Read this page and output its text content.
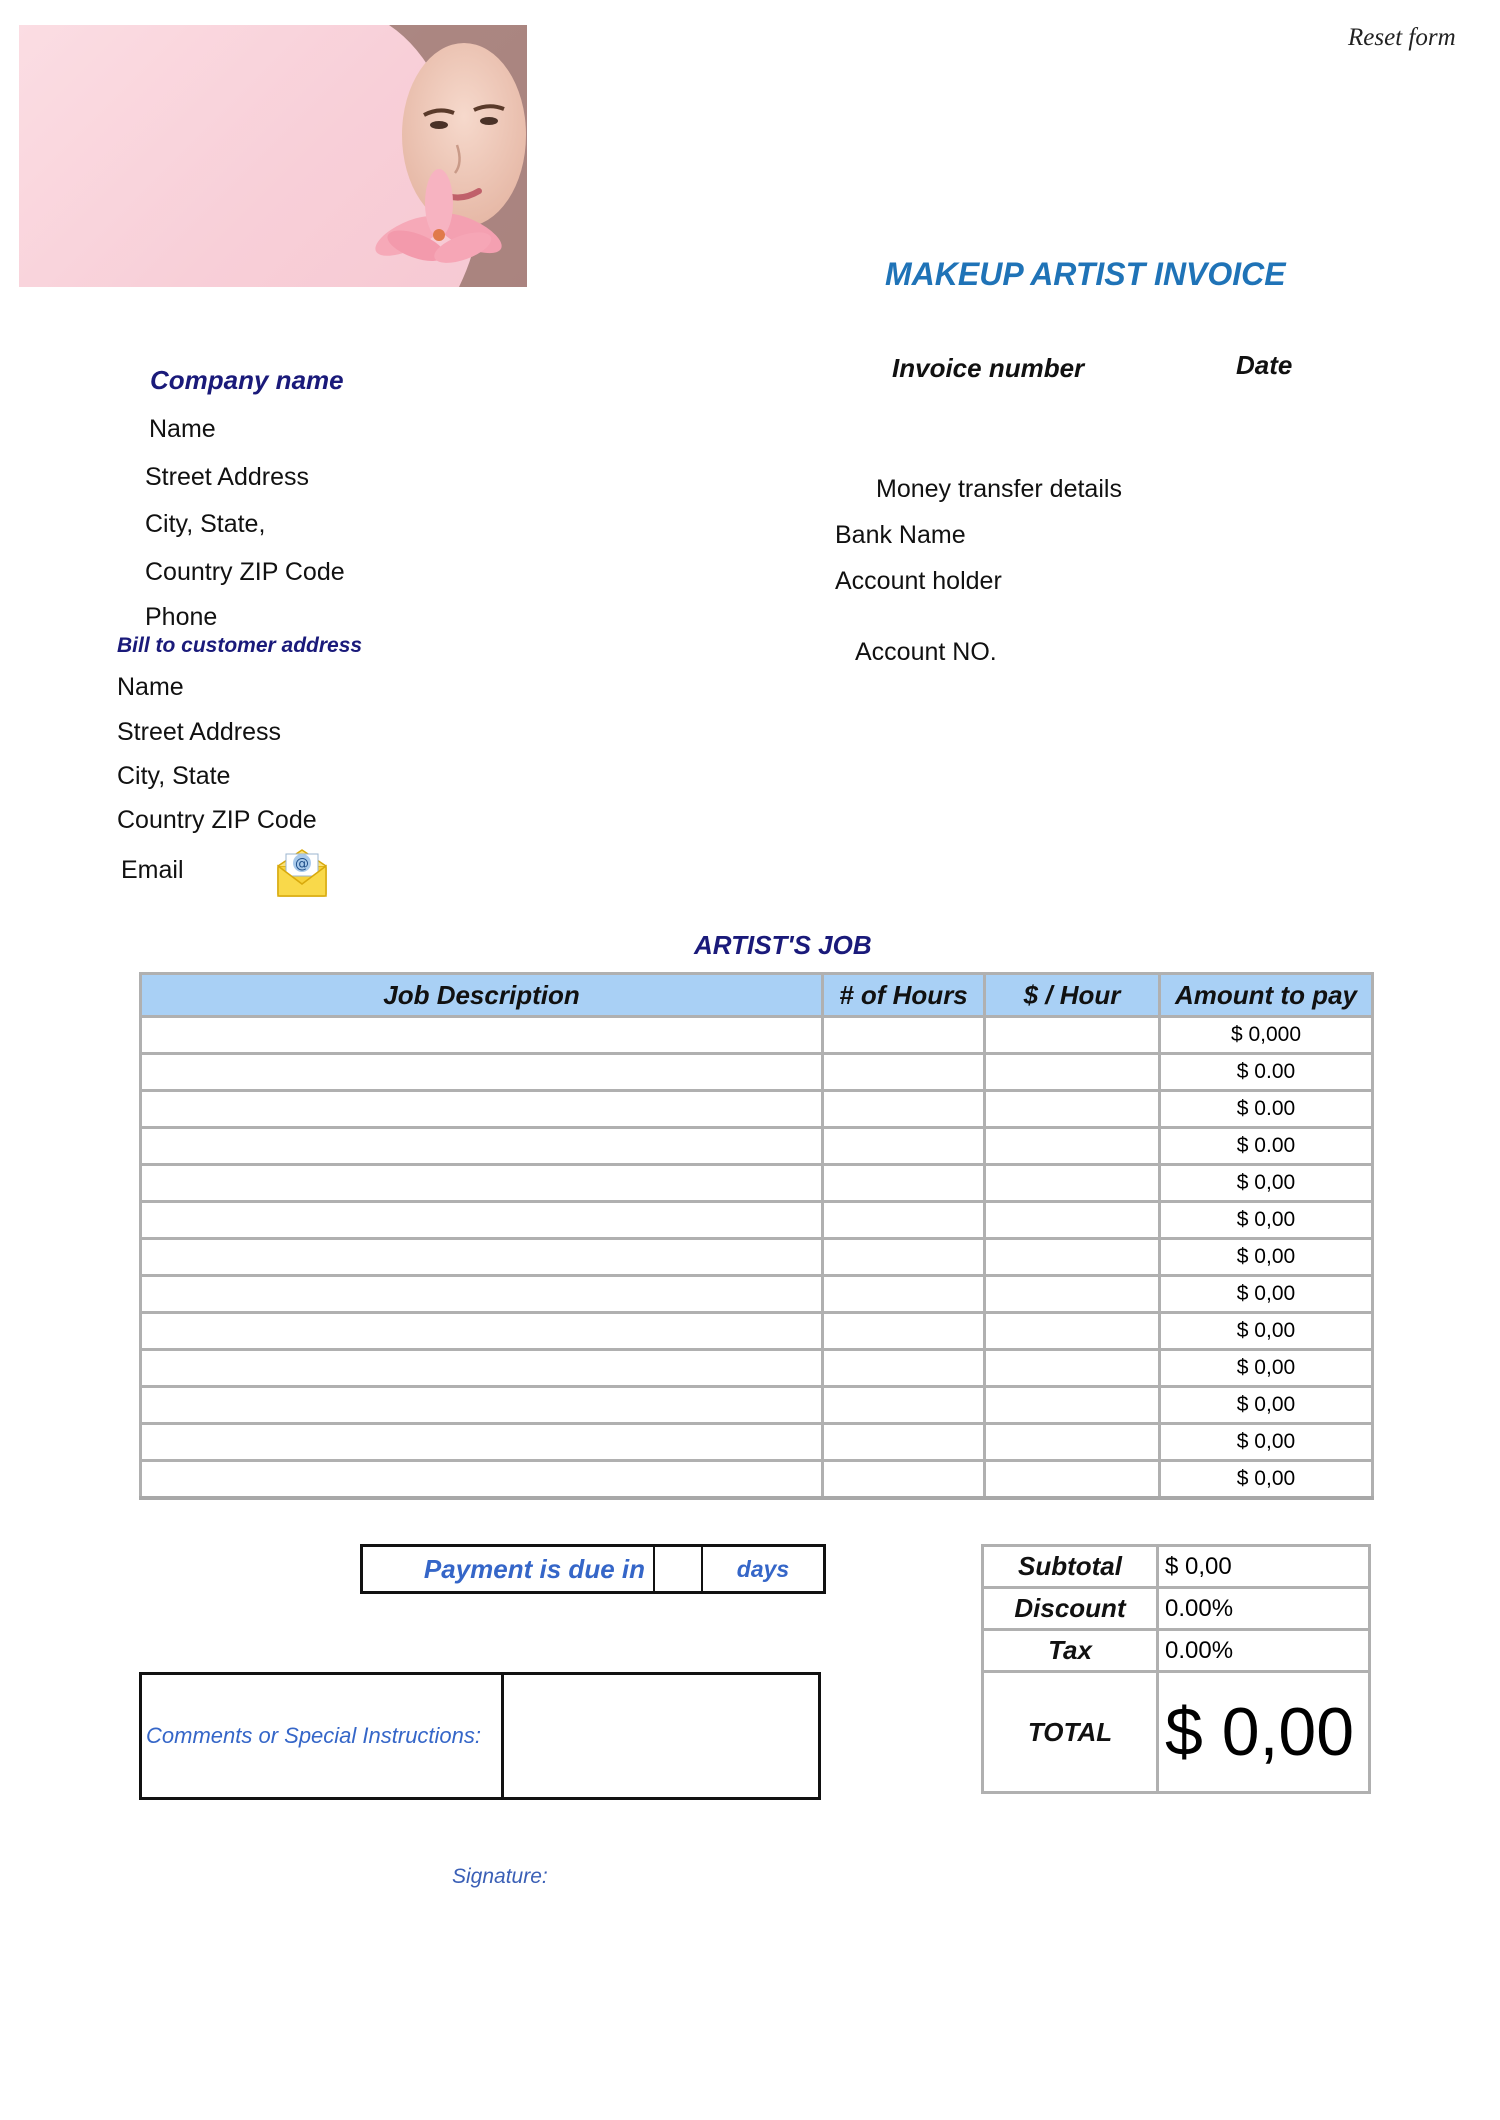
Reset form
MAKEUP ARTIST INVOICE
Invoice number	Date
Company name
Name
Street Address
City, State,
Country ZIP Code
Phone
Bill to customer address
Name
Street Address
City, State
Country ZIP Code
Email	@
Money transfer details
Bank Name
Account holder
Account NO.
ARTIST'S JOB
Job Description	# of Hours	$ / Hour	Amount to pay
			$ 0,000
			$ 0.00
			$ 0.00
			$ 0.00
			$ 0,00
			$ 0,00
			$ 0,00
			$ 0,00
			$ 0,00
			$ 0,00
			$ 0,00
			$ 0,00
			$ 0,00
Payment is due in	days
Comments or Special Instructions:
Subtotal	$ 0,00
Discount	0.00%
Tax	0.00%
TOTAL	$ 0,00
Signature:
